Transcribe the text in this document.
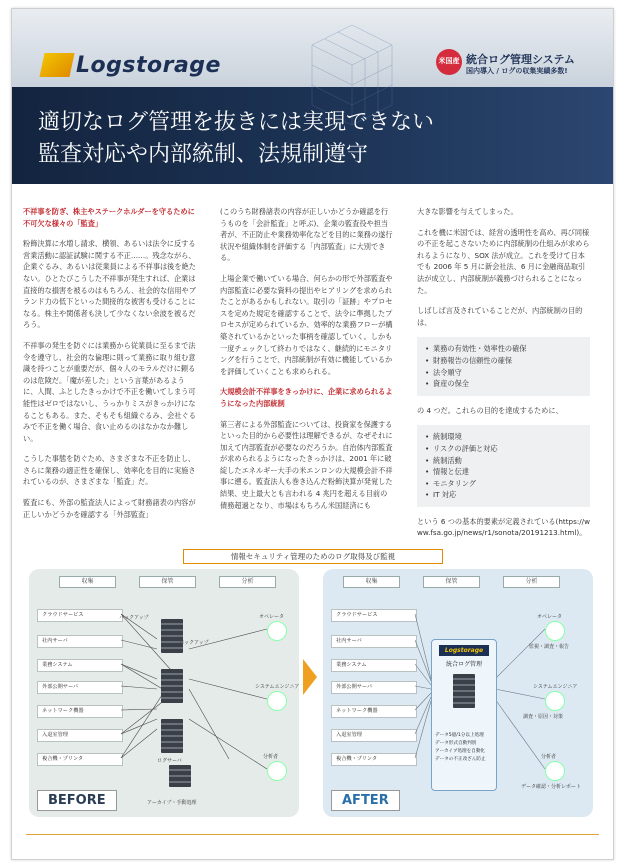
Logstorage	米国産 統合ログ管理システム
国内導入 / ログの収集実績多数!
適切なログ管理を抜きには実現できない
監査対応や内部統制、法規制遵守

不祥事を防ぎ、株主やステークホルダーを守るために不可欠な様々の「監査」

粉飾決算に水増し請求、横領、あるいは法令に反する営業活動に認証試験に関する不正……。残念ながら、企業ぐるみ、あるいは従業員による不祥事は後を絶たない。ひとたびこうした不祥事が発生すれば、企業は直接的な損害を被るのはもちろん、社会的な信用やブランド力の低下といった間接的な被害も受けることになる。株主や関係者も決して少なくない余波を被るだろう。

不祥事の発生を防ぐには業務から従業員に至るまで法令を遵守し、社会的な倫理に則って業務に取り組む意識を持つことが重要だが、個々人のモラルだけに頼るのは危険だ。「魔が差した」という言葉があるように、人間、ふとしたきっかけで不正を働いてしまう可能性はゼロではないし、うっかりミスがきっかけになることもある。また、そもそも組織ぐるみ、会社ぐるみで不正を働く場合、食い止めるのはなかなか難しい。

こうした事態を防ぐため、さまざまな不正を防止し、さらに業務の適正性を確保し、効率化を目的に実施されているのが、さまざまな「監査」だ。

監査にも、外部の監査法人によって財務諸表の内容が正しいかどうかを確認する「外部監査」

(このうち財務諸表の内容が正しいかどうか確認を行うものを「会計監査」と呼ぶ)、企業の監査役や担当者が、不正防止や業務効率化などを目的に業務の遂行状況や組織体制を評価する「内部監査」に大別できる。

上場企業で働いている場合、何らかの形で外部監査や内部監査に必要な資料の提出やヒアリングを求められたことがあるかもしれない。取引の「証跡」やプロセスを定めた規定を確認することで、法令に準拠したプロセスが定められているか、効率的な業務フローが構築されているかといった事柄を確認していく。しかも一度チェックして終わりではなく、継続的にモニタリングを行うことで、内部統制が有効に機能しているかを評価していくことも求められる。

大規模会計不祥事をきっかけに、企業に求められるようになった内部統制

第三者による外部監査については、投資家を保護するといった目的から必要性は理解できるが、なぜそれに加えて内部監査が必要なのだろうか。自治体内部監査が求められるようになったきっかけは、2001 年に破綻したエネルギー大手の米エンロンの大規模会計不祥事に遡る。監査法人も巻き込んだ粉飾決算が発覚した結果、史上最大とも言われる 4 兆円を超える目前の債務超過となり、市場はもちろん米国経済にも

大きな影響を与えてしまった。

これを機に米国では、経営の透明性を高め、再び同様の不正を起こさないために内部統制の仕組みが求められるようになり、SOX 法が成立。これを受けて日本でも 2006 年 5 月に新会社法、6 月に金融商品取引法が成立し、内部統制が義務づけられることになった。

しばしば言及されていることだが、内部統制の目的は、

• 業務の有効性・効率性の確保
• 財務報告の信頼性の確保
• 法令順守
• 資産の保全

の 4 つだ。これらの目的を達成するために、

• 統制環境
• リスクの評価と対応
• 統制活動
• 情報と伝達
• モニタリング
• IT 対応

という 6 つの基本的要素が定義されている(https://www.fsa.go.jp/news/r1/sonota/20191213.html)。

情報セキュリティ管理のためのログ取得及び監視
収集	保管	分析
クラウドサービス
社内サーバ
業務システム
外部公開サーバ
ネットワーク機器
入退室管理
複合機・プリンタ
バックアップ
バックアップ
ログサーバ
オペレータ
システムエンジニア
分析者
アーカイブ・手動処理
BEFORE
収集	保管	分析
クラウドサービス
社内サーバ
業務システム
外部公開サーバ
ネットワーク機器
入退室管理
複合機・プリンタ
Logstorage
統合ログ管理
データ5億/1分以上処理
データ形式自動判別
アーカイブ処理を自動化
データの不正改ざん防止
オペレータ
監視・調査・報告
システムエンジニア
調査・原因・対策
分析者
データ確認・分析レポート
AFTER
